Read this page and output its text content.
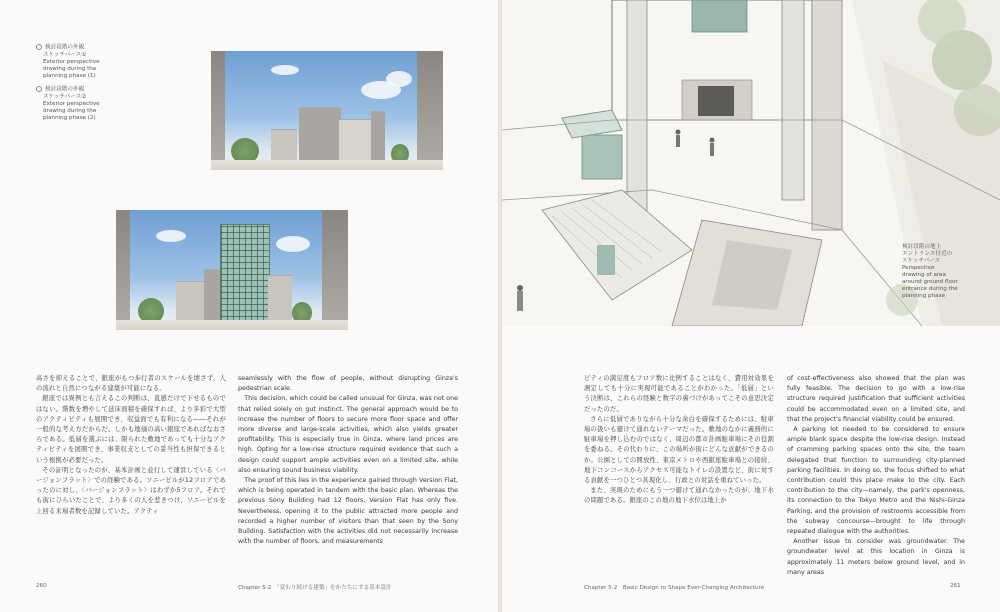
検討段階の外観
スケッチパース①
Exterior perspective
drawing during the
planning phase (1)
検討段階の外観
スケッチパース②
Exterior perspective
drawing during the
planning phase (2)

高さを抑えることで、銀座がもつ歩行者のスケールを壊さず、人の流れと自然につながる建築が可能になる。

銀座では異例とも言えるこの判断は、直感だけで下せるものではない。階数を増やして延床面積を確保すれば、より多彩で大型のアクティビティも展開でき、収益面でも有利になる――それが一般的な考え方だからだ。しかも地価の高い銀座であればなおさらである。低層を選ぶには、限られた敷地であっても十分なアクティビティを展開でき、事業収支としての妥当性も担保できるという根拠が必要だった。

その証明となったのが、基本計画と並行して運営している〈バージョンフラット〉での経験である。ソニービルが12フロアであったのに対し、〈バージョンフラット〉はわずか5フロア。それでも街にひらいたことで、より多くの人を惹きつけ、ソニービルを上回る来場者数を記録していた。アクティ

seamlessly with the flow of people, without disrupting Ginza's pedestrian scale.

This decision, which could be called unusual for Ginza, was not one that relied solely on gut instinct. The general approach would be to increase the number of floors to secure more floor space and offer more diverse and large-scale activities, which also yields greater profitability. This is especially true in Ginza, where land prices are high. Opting for a low-rise structure required evidence that such a design could support ample activities even on a limited site, while also ensuring sound business viability.

The proof of this lies in the experience gained through Version Flat, which is being operated in tandem with the basic plan. Whereas the previous Sony Building had 12 floors, Version Flat has only five. Nevertheless, opening it to the public attracted more people and recorded a higher number of visitors than that seen by the Sony Building. Satisfaction with the activities did not necessarily increase with the number of floors, and measurements

260	Chapter 5-2　「変わり続ける建築」をかたちにする基本設計
検討段階の地上
エントランス付近の
スケッチパース
Perspective
drawing of area
around ground floor
entrance during the
planning phase

ビティの満足度もフロア数に比例することはなく、費用対効果を測定しても十分に実現可能であることがわかった。「低層」という決断は、これらの経験と数字の裏づけがあってこその意思決定だったのだ。

さらに低層でありながら十分な余白を確保するためには、駐車場の扱いも避けて通れないテーマだった。敷地のなかに義務的に駐車場を押し込むのではなく、周辺の都市計画駐車場にその役割を委ねる。その代わりに、この場所が街にどんな貢献ができるのか。公園としての開放性、東京メトロや西銀座駐車場との接続、地下コンコースからアクセス可能なトイレの設置など、街に対する貢献を一つひとつ具現化し、行政との対話を重ねていった。

また、実現のためにもう一つ避けて通れなかったのが、地下水の問題である。銀座のこの地の地下水位は地上か

of cost-effectiveness also showed that the plan was fully feasible. The decision to go with a low-rise structure required justification that sufficient activities could be accommodated even on a limited site, and that the project's financial viability could be ensured.

A parking lot needed to be considered to ensure ample blank space despite the low-rise design. Instead of cramming parking spaces onto the site, the team delegated that function to surrounding city-planned parking facilities. In doing so, the focus shifted to what contribution could this place make to the city. Each contribution to the city—namely, the park's openness, its connection to the Tokyo Metro and the Nishi-Ginza Parking, and the provision of restrooms accessible from the subway concourse—brought to life through repeated dialogue with the authorities.

Another issue to consider was groundwater. The groundwater level at this location in Ginza is approximately 11 meters below ground level, and in many areas

Chapter 5-2　Basic Design to Shape Ever-Changing Architecture	261
